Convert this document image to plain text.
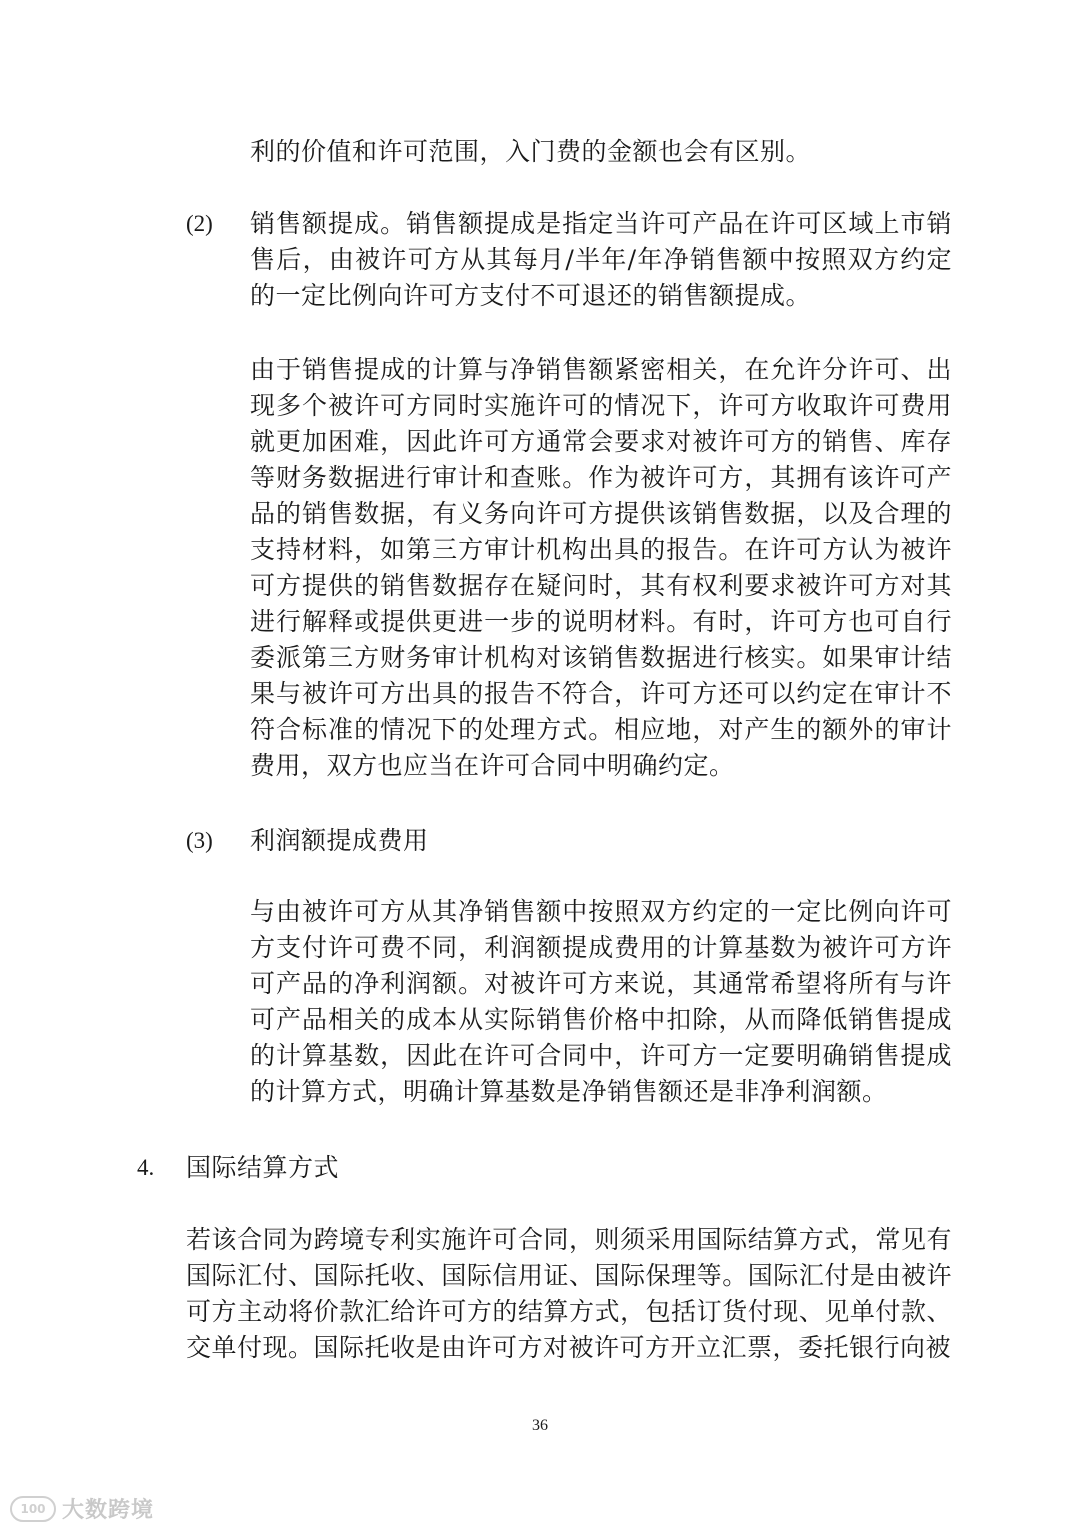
利的价值和许可范围，入门费的金额也会有区别。

(2) 销售额提成。销售额提成是指定当许可产品在许可区域上市销售后，由被许可方从其每月/半年/年净销售额中按照双方约定的一定比例向许可方支付不可退还的销售额提成。

由于销售提成的计算与净销售额紧密相关，在允许分许可、出现多个被许可方同时实施许可的情况下，许可方收取许可费用就更加困难，因此许可方通常会要求对被许可方的销售、库存等财务数据进行审计和查账。作为被许可方，其拥有该许可产品的销售数据，有义务向许可方提供该销售数据，以及合理的支持材料，如第三方审计机构出具的报告。在许可方认为被许可方提供的销售数据存在疑问时，其有权利要求被许可方对其进行解释或提供更进一步的说明材料。有时，许可方也可自行委派第三方财务审计机构对该销售数据进行核实。如果审计结果与被许可方出具的报告不符合，许可方还可以约定在审计不符合标准的情况下的处理方式。相应地，对产生的额外的审计费用，双方也应当在许可合同中明确约定。

(3) 利润额提成费用

与由被许可方从其净销售额中按照双方约定的一定比例向许可方支付许可费不同，利润额提成费用的计算基数为被许可方许可产品的净利润额。对被许可方来说，其通常希望将所有与许可产品相关的成本从实际销售价格中扣除，从而降低销售提成的计算基数，因此在许可合同中，许可方一定要明确销售提成的计算方式，明确计算基数是净销售额还是非净利润额。

4. 国际结算方式

若该合同为跨境专利实施许可合同，则须采用国际结算方式，常见有国际汇付、国际托收、国际信用证、国际保理等。国际汇付是由被许可方主动将价款汇给许可方的结算方式，包括订货付现、见单付款、交单付现。国际托收是由许可方对被许可方开立汇票，委托银行向被

36
100 大数跨境
